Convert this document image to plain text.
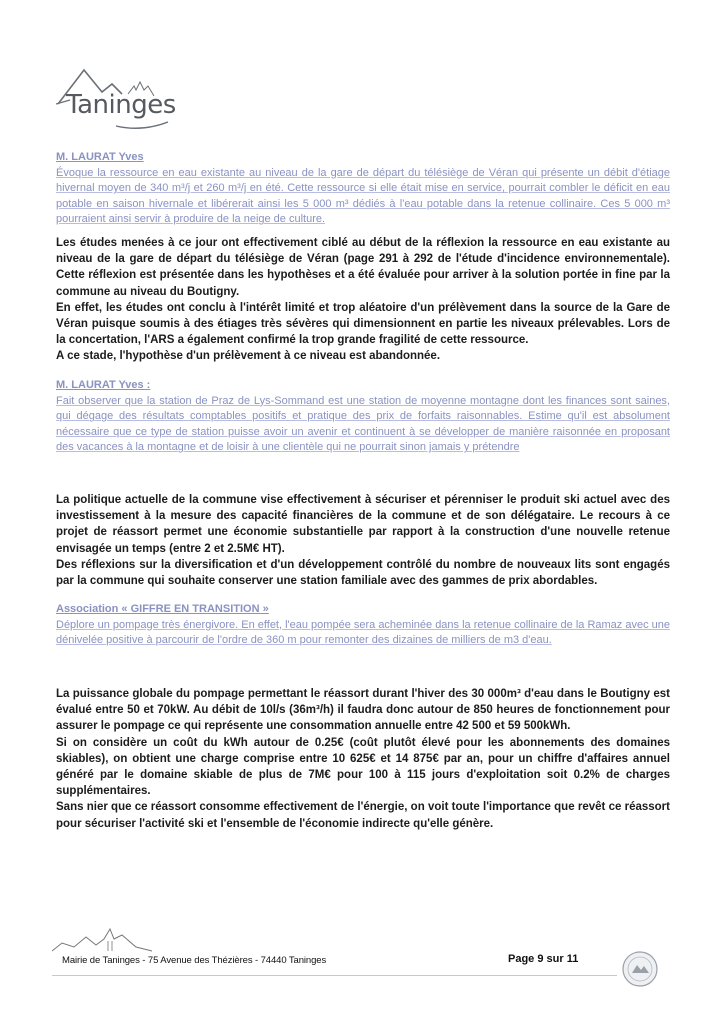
Taninges
M. LAURAT Yves

Évoque la ressource en eau existante au niveau de la gare de départ du télésiège de Véran qui présente un débit d'étiage hivernal moyen de 340 m³/j et 260 m³/j en été. Cette ressource si elle était mise en service, pourrait combler le déficit en eau potable en saison hivernale et libérerait ainsi les 5 000 m³ dédiés à l'eau potable dans la retenue collinaire. Ces 5 000 m³ pourraient ainsi servir à produire de la neige de culture.

Les études menées à ce jour ont effectivement ciblé au début de la réflexion la ressource en eau existante au niveau de la gare de départ du télésiège de Véran (page 291 à 292 de l'étude d'incidence environnementale). Cette réflexion est présentée dans les hypothèses et a été évaluée pour arriver à la solution portée in fine par la commune au niveau du Boutigny.

En effet, les études ont conclu à l'intérêt limité et trop aléatoire d'un prélèvement dans la source de la Gare de Véran puisque soumis à des étiages très sévères qui dimensionnent en partie les niveaux prélevables. Lors de la concertation, l'ARS a également confirmé la trop grande fragilité de cette ressource.

A ce stade, l'hypothèse d'un prélèvement à ce niveau est abandonnée.

M. LAURAT Yves :

Fait observer que la station de Praz de Lys-Sommand est une station de moyenne montagne dont les finances sont saines, qui dégage des résultats comptables positifs et pratique des prix de forfaits raisonnables. Estime qu'il est absolument nécessaire que ce type de station puisse avoir un avenir et continuent à se développer de manière raisonnée en proposant des vacances à la montagne et de loisir à une clientèle qui ne pourrait sinon jamais y prétendre

La politique actuelle de la commune vise effectivement à sécuriser et pérenniser le produit ski actuel avec des investissement à la mesure des capacité financières de la commune et de son délégataire. Le recours à ce projet de réassort permet une économie substantielle par rapport à la construction d'une nouvelle retenue envisagée un temps (entre 2 et 2.5M€ HT).

Des réflexions sur la diversification et d'un développement contrôlé du nombre de nouveaux lits sont engagés par la commune qui souhaite conserver une station familiale avec des gammes de prix abordables.

Association « GIFFRE EN TRANSITION »

Déplore un pompage très énergivore. En effet, l'eau pompée sera acheminée dans la retenue collinaire de la Ramaz avec une dénivelée positive à parcourir de l'ordre de 360 m pour remonter des dizaines de milliers de m3 d'eau.

La puissance globale du pompage permettant le réassort durant l'hiver des 30 000m³ d'eau dans le Boutigny est évalué entre 50 et 70kW. Au débit de 10l/s (36m³/h) il faudra donc autour de 850 heures de fonctionnement pour assurer le pompage ce qui représente une consommation annuelle entre 42 500 et 59 500kWh.

Si on considère un coût du kWh autour de 0.25€ (coût plutôt élevé pour les abonnements des domaines skiables), on obtient une charge comprise entre 10 625€ et 14 875€ par an, pour un chiffre d'affaires annuel généré par le domaine skiable de plus de 7M€ pour 100 à 115 jours d'exploitation soit 0.2% de charges supplémentaires.

Sans nier que ce réassort consomme effectivement de l'énergie, on voit toute l'importance que revêt ce réassort pour sécuriser l'activité ski et l'ensemble de l'économie indirecte qu'elle génère.

Mairie de Taninges - 75 Avenue des Thézières - 74440 Taninges	Page 9 sur 11
